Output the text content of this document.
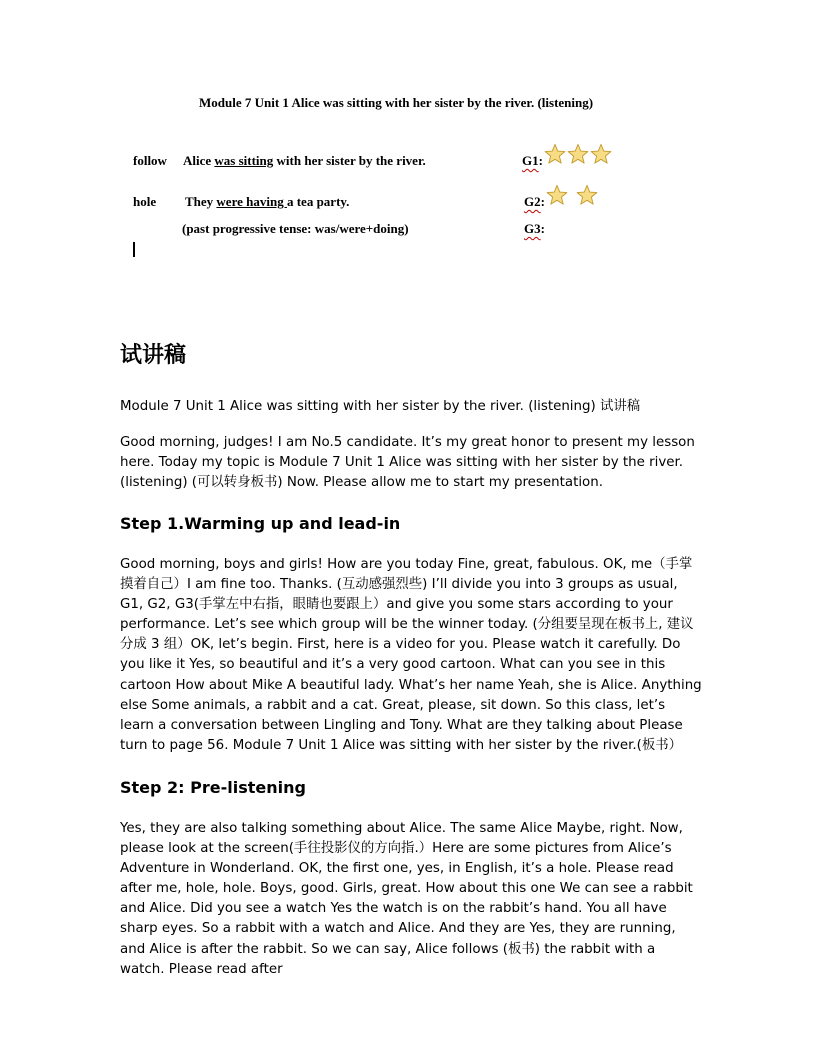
Module 7 Unit 1 Alice was sitting with her sister by the river. (listening)
follow Alice was sitting with her sister by the river.	G1:
hole They were having a tea party.	G2:
(past progressive tense: was/were+doing)	G3:
试讲稿
Module 7 Unit 1 Alice was sitting with her sister by the river. (listening) 试讲稿
Good morning, judges! I am No.5 candidate. It’s my great honor to present my lesson here. Today my topic is Module 7 Unit 1 Alice was sitting with her sister by the river. (listening) (可以转身板书) Now. Please allow me to start my presentation.
Step 1.Warming up and lead-in
Good morning, boys and girls! How are you today Fine, great, fabulous. OK, me（手掌摸着自己）I am fine too. Thanks. (互动感强烈些) I’ll divide you into 3 groups as usual, G1, G2, G3(手掌左中右指，眼睛也要跟上）and give you some stars according to your performance. Let’s see which group will be the winner today. (分组要呈现在板书上, 建议分成 3 组）OK, let’s begin. First, here is a video for you. Please watch it carefully. Do you like it Yes, so beautiful and it’s a very good cartoon. What can you see in this cartoon How about Mike A beautiful lady. What’s her name Yeah, she is Alice. Anything else Some animals, a rabbit and a cat. Great, please, sit down. So this class, let’s learn a conversation between Lingling and Tony. What are they talking about Please turn to page 56. Module 7 Unit 1 Alice was sitting with her sister by the river.(板书）
Step 2: Pre-listening
Yes, they are also talking something about Alice. The same Alice Maybe, right. Now, please look at the screen(手往投影仪的方向指.）Here are some pictures from Alice’s Adventure in Wonderland. OK, the first one, yes, in English, it’s a hole. Please read after me, hole, hole. Boys, good. Girls, great. How about this one We can see a rabbit and Alice. Did you see a watch Yes the watch is on the rabbit’s hand. You all have sharp eyes. So a rabbit with a watch and Alice. And they are Yes, they are running, and Alice is after the rabbit. So we can say, Alice follows (板书) the rabbit with a watch. Please read after
